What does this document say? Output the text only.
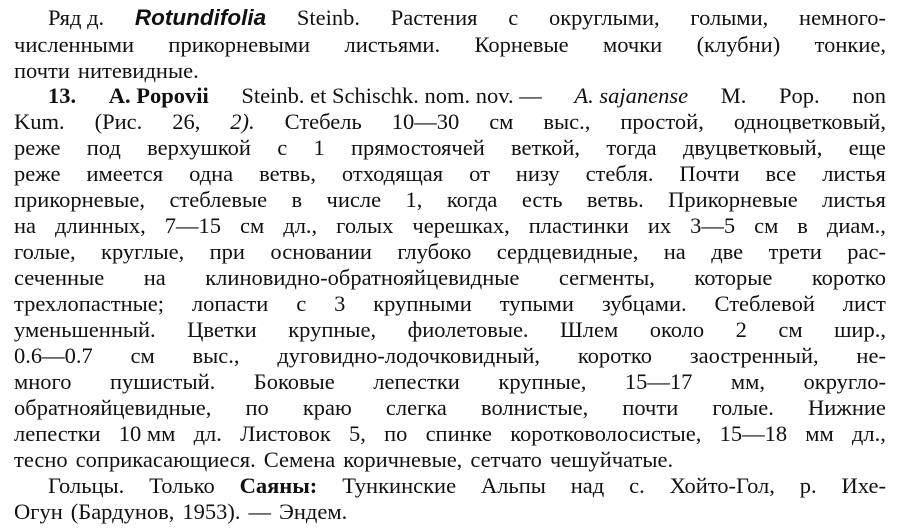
Ряд д. Rotundifolia Steinb. Растения с округлыми, голыми, немного-
численными прикорневыми листьями. Корневые мочки (клубни) тонкие,
почти нитевидные.
13. A. Popovii Steinb. et Schischk. nom. nov. — A. sajanense M. Pop. non
Kum. (Рис. 26, 2). Стебель 10—30 см выс., простой, одноцветковый,
реже под верхушкой с 1 прямостоячей веткой, тогда двуцветковый, еще
реже имеется одна ветвь, отходящая от низу стебля. Почти все листья
прикорневые, стеблевые в числе 1, когда есть ветвь. Прикорневые листья
на длинных, 7—15 см дл., голых черешках, пластинки их 3—5 см в диам.,
голые, круглые, при основании глубоко сердцевидные, на две трети рас-
сеченные на клиновидно-обратнояйцевидные сегменты, которые коротко
трехлопастные; лопасти с 3 крупными тупыми зубцами. Стеблевой лист
уменьшенный. Цветки крупные, фиолетовые. Шлем около 2 см шир.,
0.6—0.7 см выс., дуговидно-лодочковидный, коротко заостренный, не-
много пушистый. Боковые лепестки крупные, 15—17 мм, округло-
обратнояйцевидные, по краю слегка волнистые, почти голые. Нижние
лепестки 10 мм дл. Листовок 5, по спинке коротковолосистые, 15—18 мм дл.,
тесно соприкасающиеся. Семена коричневые, сетчато чешуйчатые.
Гольцы. Только Саяны: Тункинские Альпы над с. Хойто-Гол, р. Ихе-
Огун (Бардунов, 1953). — Эндем.
